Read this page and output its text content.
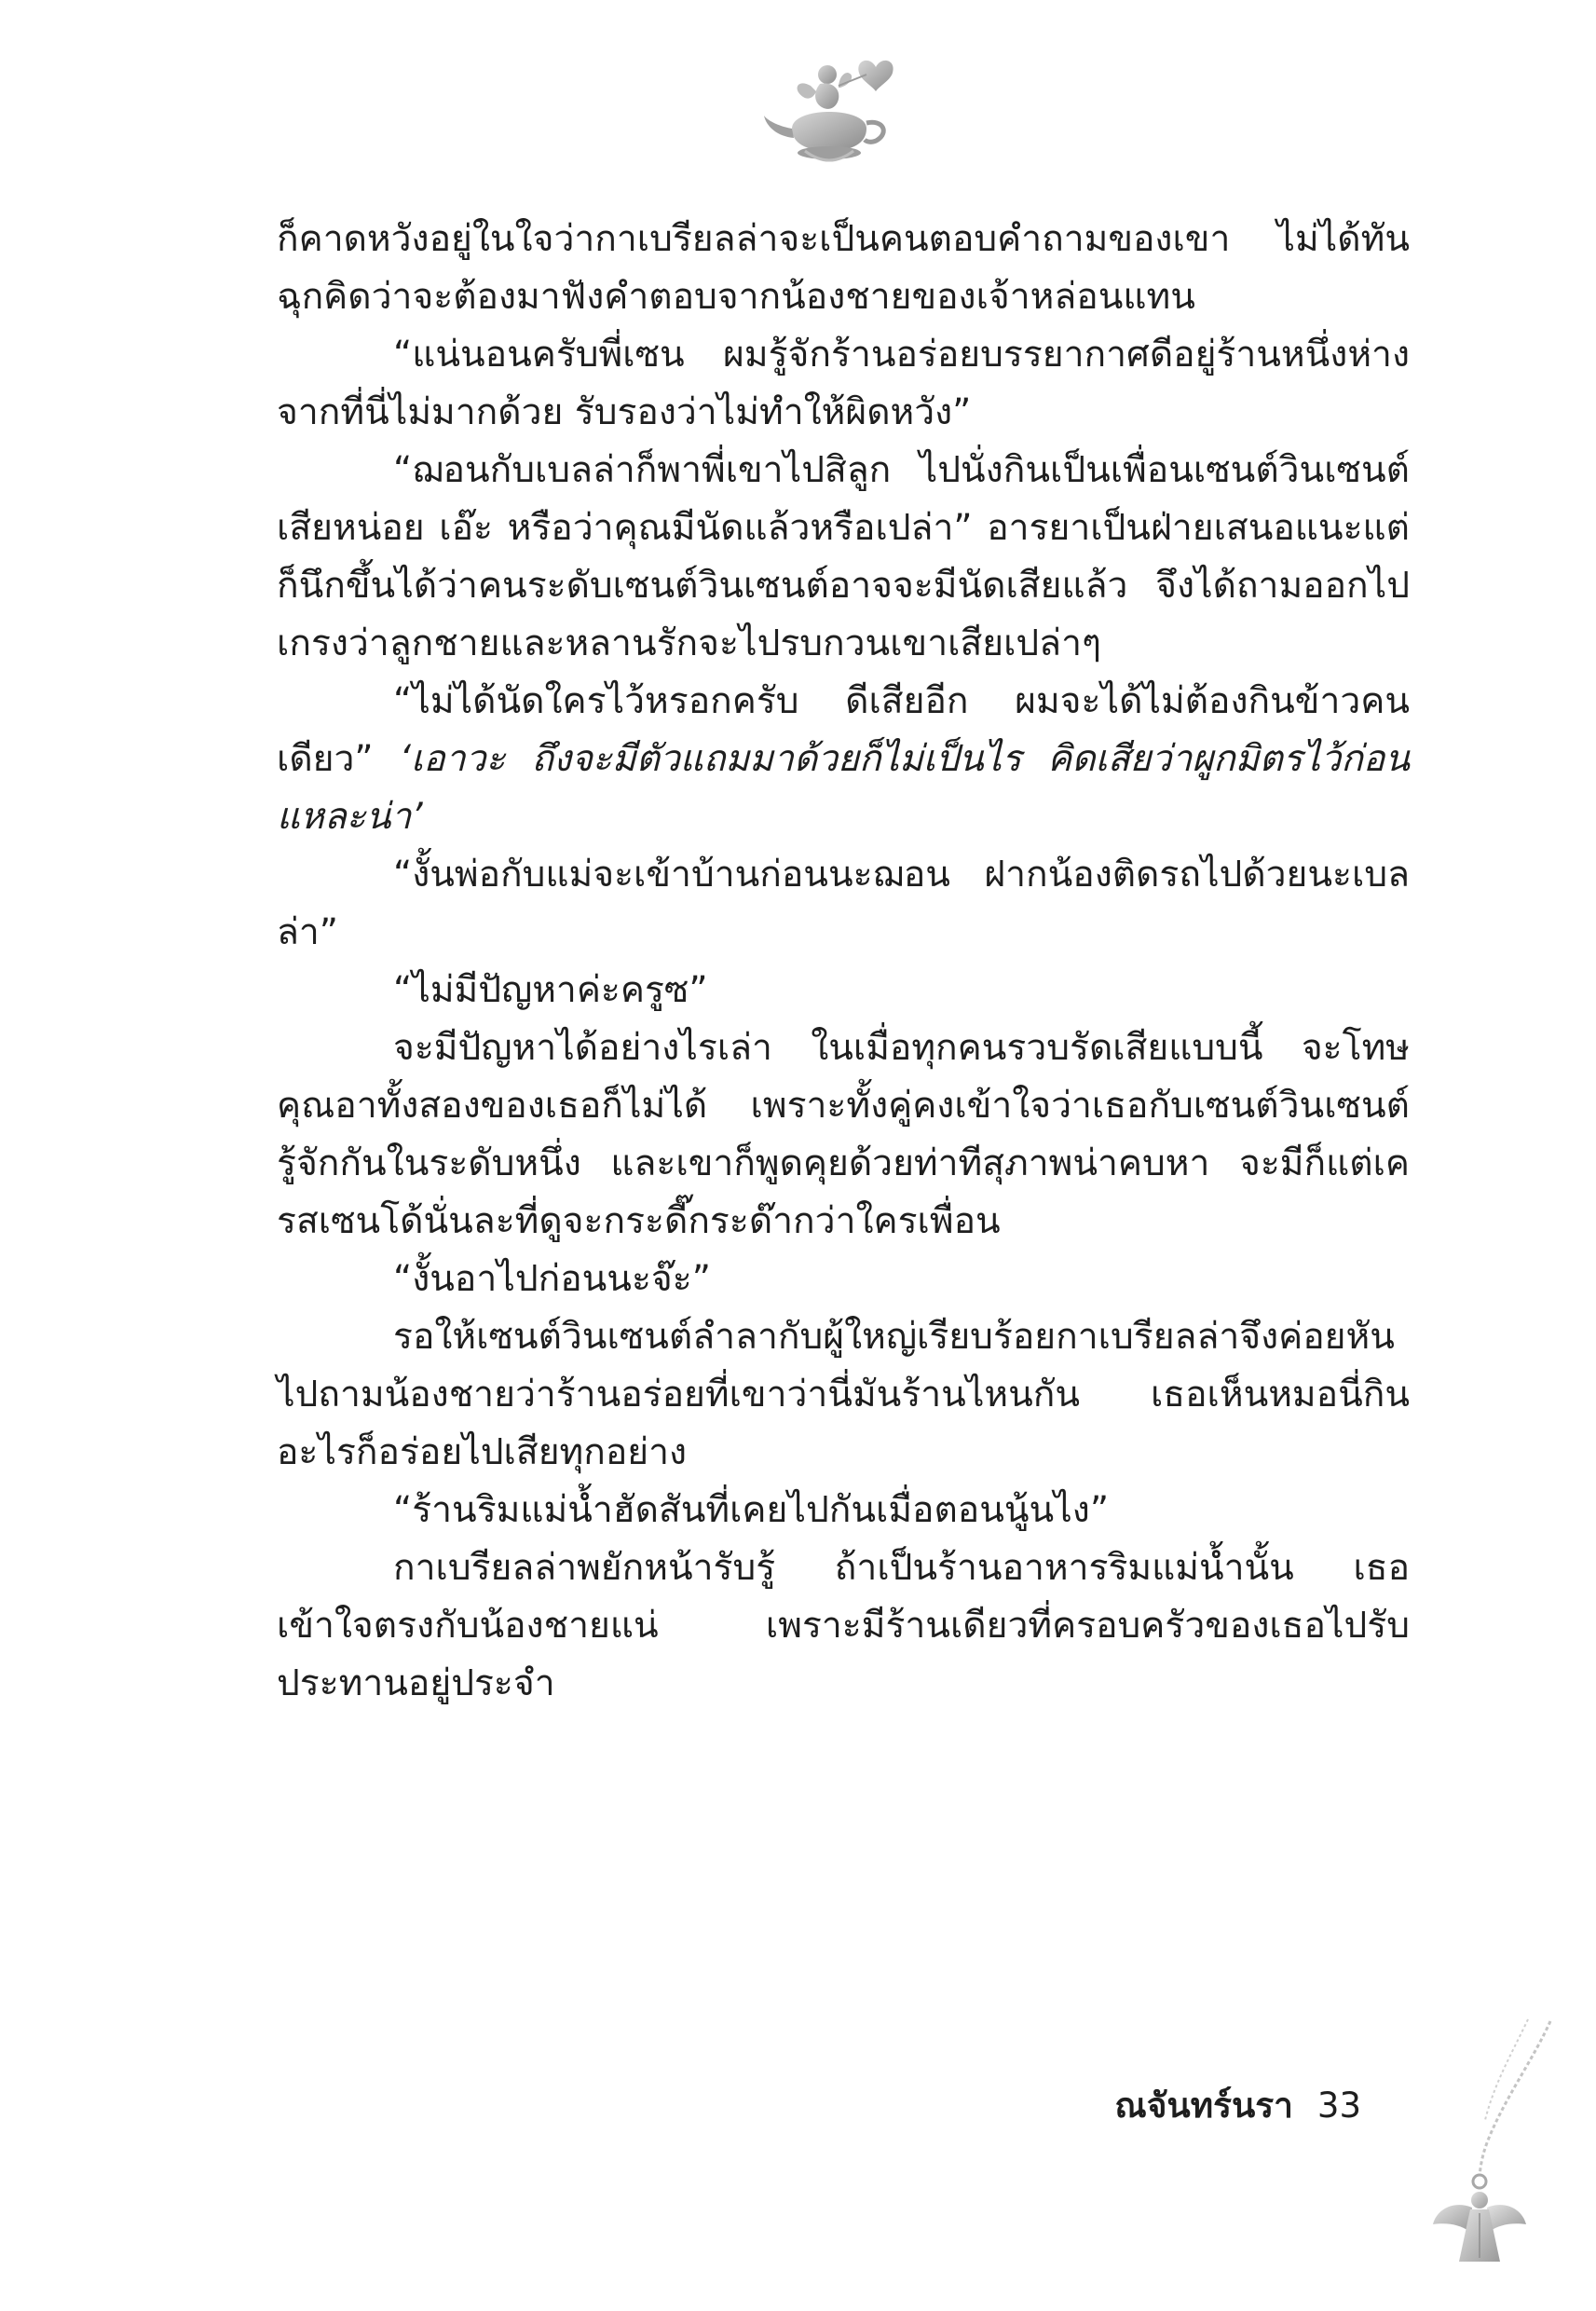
ก็คาดหวังอยู่ในใจว่ากาเบรียลล่าจะเป็นคนตอบคำถามของเขา ไม่ได้ทันฉุกคิดว่าจะต้องมาฟังคำตอบจากน้องชายของเจ้าหล่อนแทน

“แน่นอนครับพี่เซน ผมรู้จักร้านอร่อยบรรยากาศดีอยู่ร้านหนึ่งห่างจากที่นี่ไม่มากด้วย รับรองว่าไม่ทำให้ผิดหวัง”

“ฌอนกับเบลล่าก็พาพี่เขาไปสิลูก ไปนั่งกินเป็นเพื่อนเซนต์วินเซนต์เสียหน่อย เอ๊ะ หรือว่าคุณมีนัดแล้วหรือเปล่า” อารยาเป็นฝ่ายเสนอแนะแต่ก็นึกขึ้นได้ว่าคนระดับเซนต์วินเซนต์อาจจะมีนัดเสียแล้ว จึงได้ถามออกไป เกรงว่าลูกชายและหลานรักจะไปรบกวนเขาเสียเปล่าๆ

“ไม่ได้นัดใครไว้หรอกครับ ดีเสียอีก ผมจะได้ไม่ต้องกินข้าวคนเดียว” ‘เอาวะ ถึงจะมีตัวแถมมาด้วยก็ไม่เป็นไร คิดเสียว่าผูกมิตรไว้ก่อนแหละน่า’

“งั้นพ่อกับแม่จะเข้าบ้านก่อนนะฌอน ฝากน้องติดรถไปด้วยนะเบลล่า”

“ไม่มีปัญหาค่ะครูซ”

จะมีปัญหาได้อย่างไรเล่า ในเมื่อทุกคนรวบรัดเสียแบบนี้ จะโทษคุณอาทั้งสองของเธอก็ไม่ได้ เพราะทั้งคู่คงเข้าใจว่าเธอกับเซนต์วินเซนต์รู้จักกันในระดับหนึ่ง และเขาก็พูดคุยด้วยท่าทีสุภาพน่าคบหา จะมีก็แต่เครสเซนโด้นั่นละที่ดูจะกระดี๊กระด๊ากว่าใครเพื่อน

“งั้นอาไปก่อนนะจ๊ะ”

รอให้เซนต์วินเซนต์ลำลากับผู้ใหญ่เรียบร้อยกาเบรียลล่าจึงค่อยหันไปถามน้องชายว่าร้านอร่อยที่เขาว่านี่มันร้านไหนกัน เธอเห็นหมอนี่กินอะไรก็อร่อยไปเสียทุกอย่าง

“ร้านริมแม่น้ำฮัดสันที่เคยไปกันเมื่อตอนนู้นไง”

กาเบรียลล่าพยักหน้ารับรู้ ถ้าเป็นร้านอาหารริมแม่น้ำนั้น เธอเข้าใจตรงกับน้องชายแน่ เพราะมีร้านเดียวที่ครอบครัวของเธอไปรับประทานอยู่ประจำ

ณจันทร์นรา 33
